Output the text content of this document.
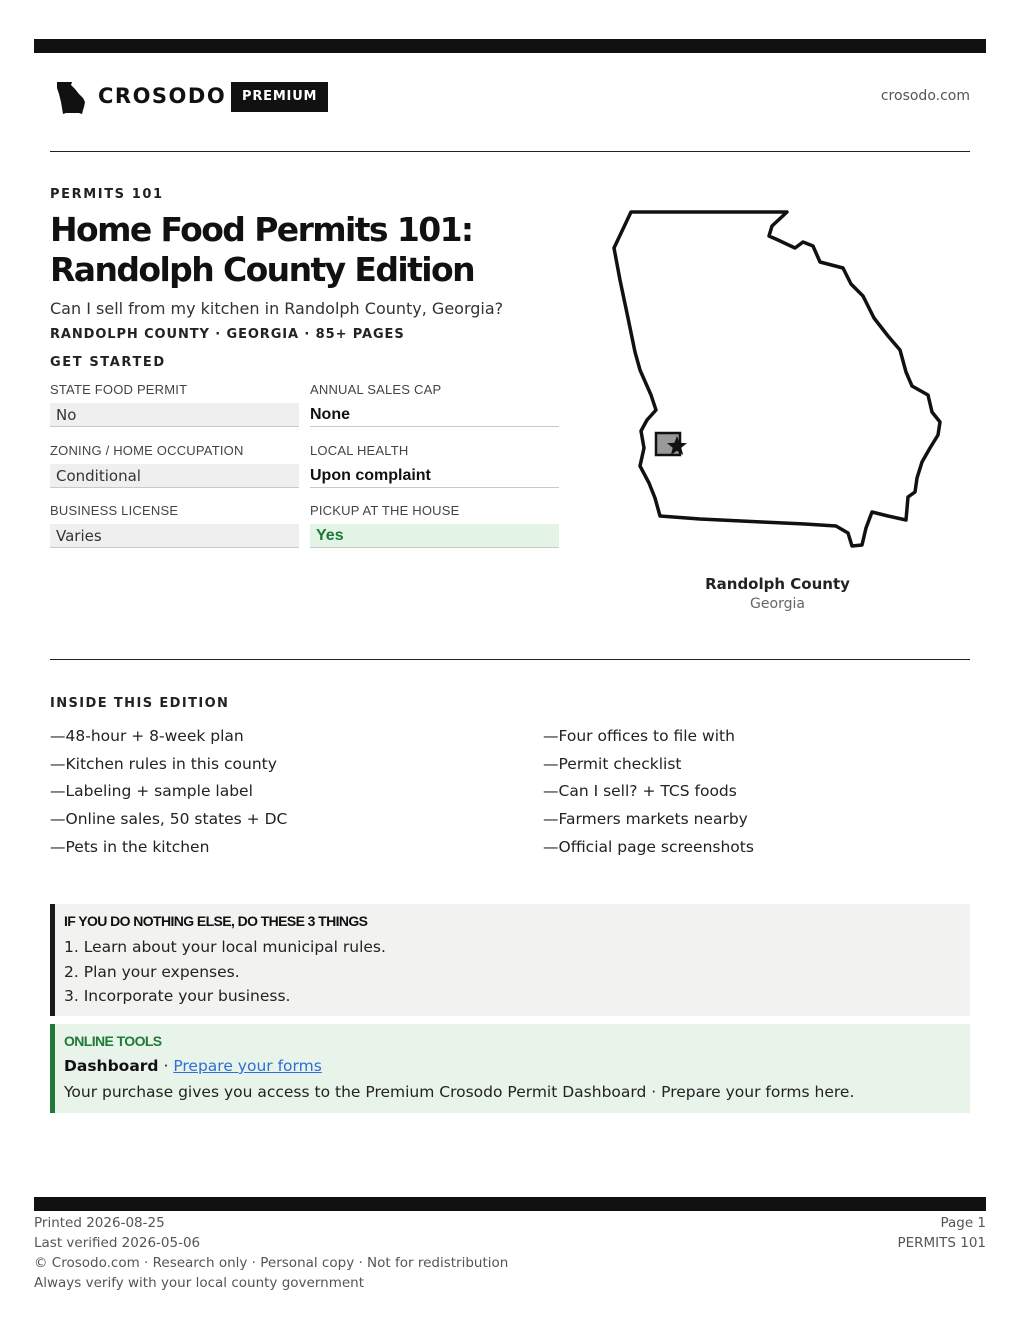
CROSODO	PREMIUM	crosodo.com
PERMITS 101
Home Food Permits 101:
Randolph County Edition
Can I sell from my kitchen in Randolph County, Georgia?
RANDOLPH COUNTY · GEORGIA · 85+ PAGES
GET STARTED
STATE FOOD PERMIT
No
ANNUAL SALES CAP
None
ZONING / HOME OCCUPATION
Conditional
LOCAL HEALTH
Upon complaint
BUSINESS LICENSE
Varies
PICKUP AT THE HOUSE
Yes
Randolph County
Georgia
INSIDE THIS EDITION
—48-hour + 8-week plan
—Kitchen rules in this county
—Labeling + sample label
—Online sales, 50 states + DC
—Pets in the kitchen
—Four offices to file with
—Permit checklist
—Can I sell? + TCS foods
—Farmers markets nearby
—Official page screenshots
IF YOU DO NOTHING ELSE, DO THESE 3 THINGS
1. Learn about your local municipal rules.
2. Plan your expenses.
3. Incorporate your business.
ONLINE TOOLS
Dashboard · Prepare your forms
Your purchase gives you access to the Premium Crosodo Permit Dashboard · Prepare your forms here.
Printed 2026-08-25
Last verified 2026-05-06
© Crosodo.com · Research only · Personal copy · Not for redistribution
Always verify with your local county government
Page 1
PERMITS 101
